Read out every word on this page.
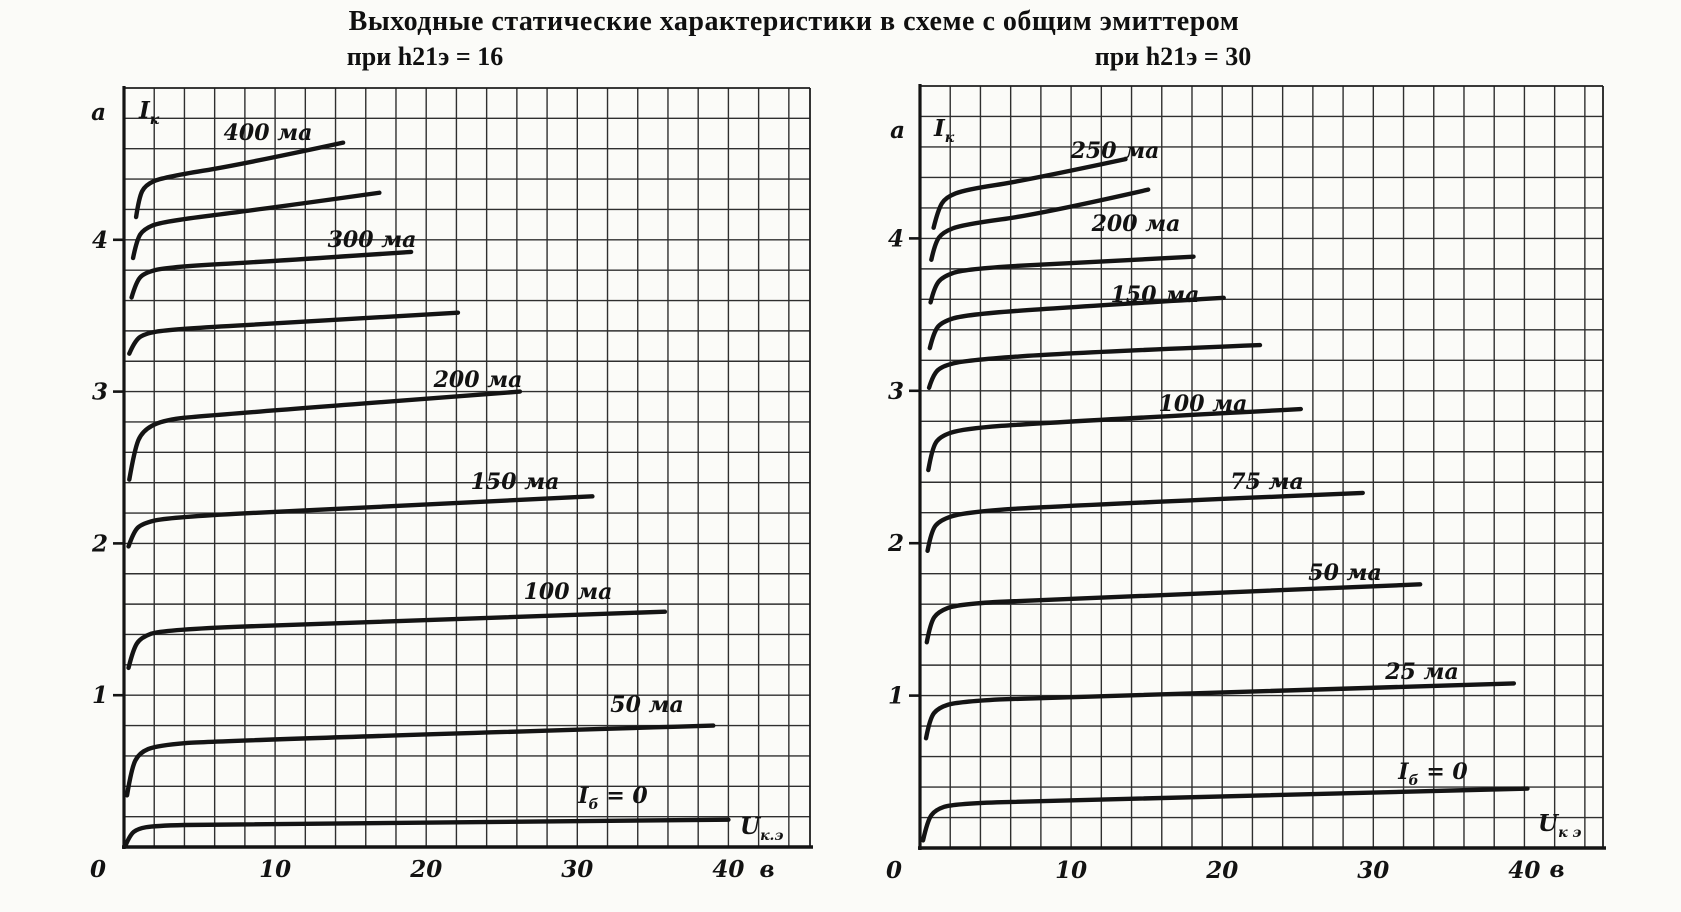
Выходные статические характеристики в схеме с общим эмиттером
при h21э = 16	при h21э = 30
1
2
3
4
0	10	20	30	40
a
в
$I_к$
$U_{к.э}$
400 ма
300 ма
200 ма
150 ма
100 ма
50 ма
$I_б = 0$
1
2
3
4
0	10	20	30	40
a
в
$I_к$
$U_{к э}$
250 ма
200 ма
150 ма
100 ма
75 ма
50 ма
25 ма
$I_б = 0$
